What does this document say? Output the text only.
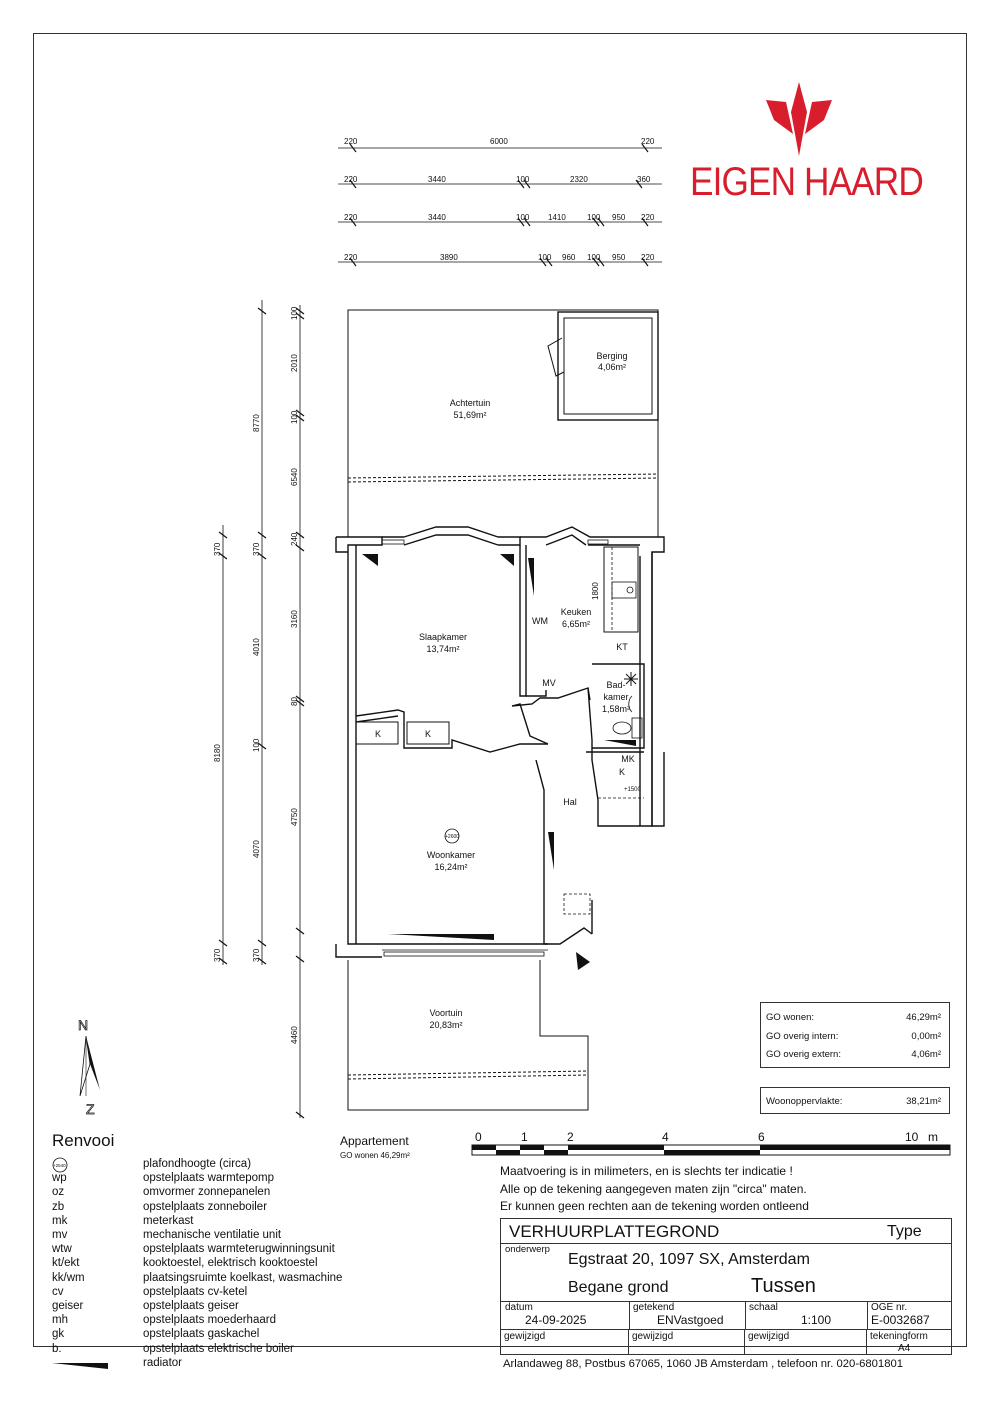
EIGEN HAARD
220	6000	220
220	3440	100	2320	360
220	3440	100 1410	100 950 220
220	3890	100 960 100 950 220
370
8180
370
8770
370
4010
100
4070
370
100
2010
100
6540
240
3160
80
4750
4460
+2600
Berging
4,06m²
Achtertuin
51,69m²
Slaapkamer
13,74m²
Keuken
6,65m²
Bad-
kamer
1,58m²
Woonkamer
16,24m²
Voortuin
20,83m²
Hal
WM
KT
MV
MK
K
K	K
+1500
1800
N
Z
GO wonen:	46,29m²
GO overig intern:	0,00m²
GO overig extern:	4,06m²
Woonoppervlakte:	38,21m²
0	1	2	4	6	10 m
+2540
Renvooi
plafondhoogte (circa)
wp	opstelplaats warmtepomp
oz	omvormer zonnepanelen
zb	opstelplaats zonneboiler
mk	meterkast
mv	mechanische ventilatie unit
wtw	opstelplaats warmteterugwinningsunit
kt/ekt	kooktoestel, elektrisch kooktoestel
kk/wm	plaatsingsruimte koelkast, wasmachine
cv	opstelplaats cv-ketel
geiser	opstelplaats geiser
mh	opstelplaats moederhaard
gk	opstelplaats gaskachel
b.	opstelplaats elektrische boiler
radiator
Appartement
GO wonen 46,29m²
Maatvoering is in milimeters, en is slechts ter indicatie !
Alle op de tekening aangegeven maten zijn "circa" maten.
Er kunnen geen rechten aan de tekening worden ontleend
VERHUURPLATTEGROND	Type
onderwerp
Egstraat 20, 1097 SX, Amsterdam
Begane grond	Tussen
datum
24-09-2025
getekend
ENVastgoed
schaal
1:100
OGE nr.
E-0032687
gewijzigd	gewijzigd	gewijzigd	tekeningform
A4
Arlandaweg 88, Postbus 67065, 1060 JB Amsterdam , telefoon nr. 020-6801801
